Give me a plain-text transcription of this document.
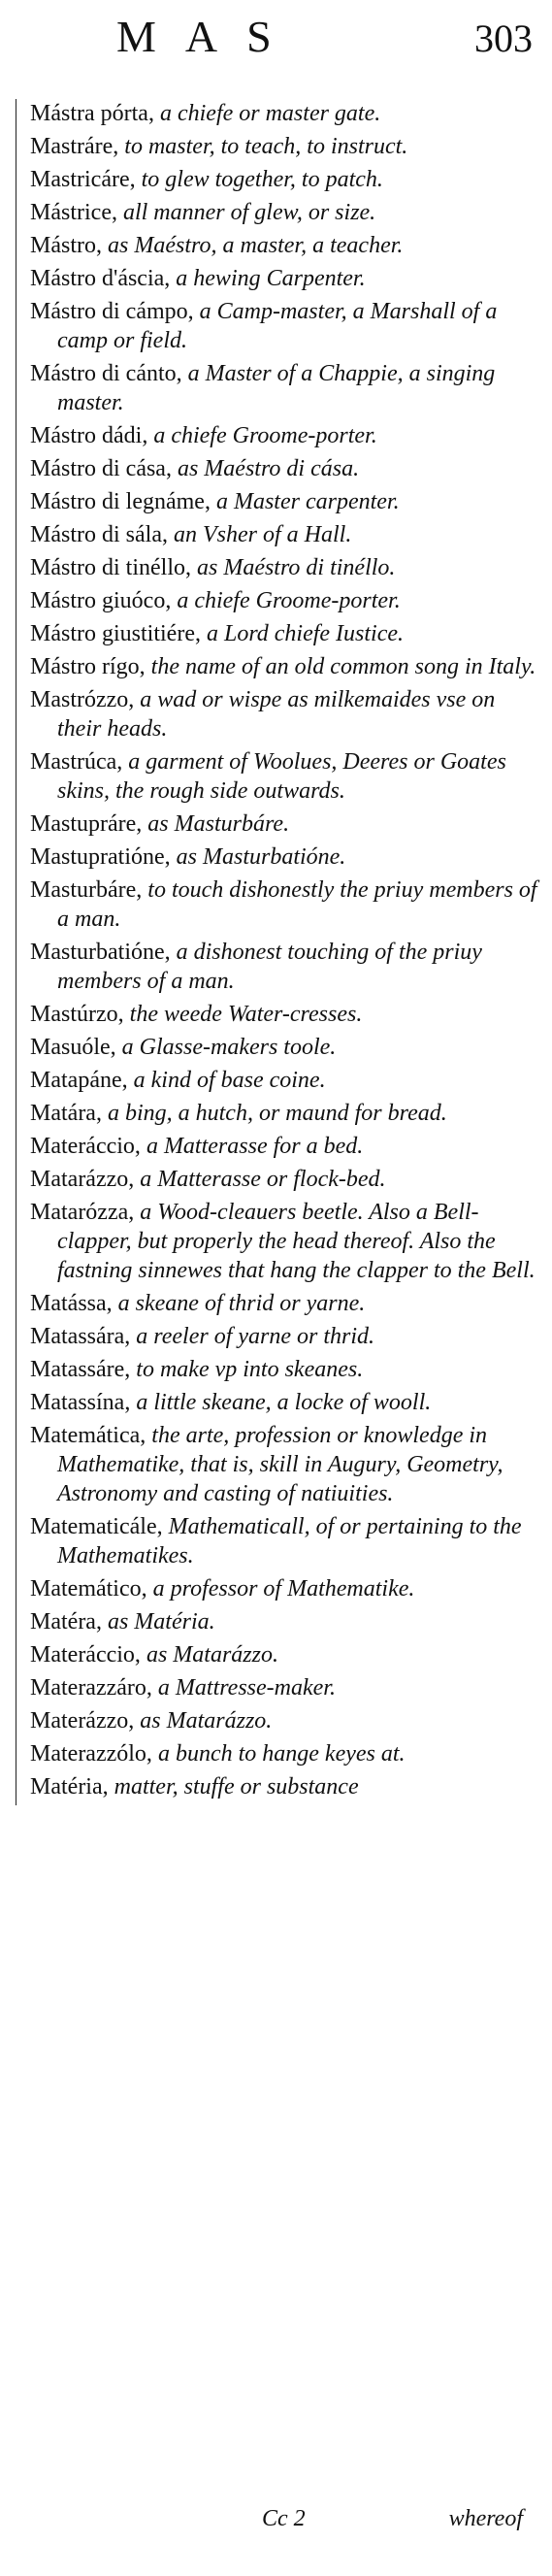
MAS	303
Mástra pórta, a chiefe or master gate.
Mastráre, to master, to teach, to instruct.
Mastricáre, to glew together, to patch.
Mástrice, all manner of glew, or size.
Mástro, as Maéstro, a master, a teacher.
Mástro d'áscia, a hewing Carpenter.
Mástro di cámpo, a Camp-master, a Marshall of a camp or field.
Mástro di cánto, a Master of a Chappie, a singing master.
Mástro dádi, a chiefe Groome-porter.
Mástro di cása, as Maéstro di cása.
Mástro di legnáme, a Master carpenter.
Mástro di sála, an Vsher of a Hall.
Mástro di tinéllo, as Maéstro di tinéllo.
Mástro giuóco, a chiefe Groome-porter.
Mástro giustitiére, a Lord chiefe Iustice.
Mástro rígo, the name of an old common song in Italy.
Mastrózzo, a wad or wispe as milkemaides vse on their heads.
Mastrúca, a garment of Woolues, Deeres or Goates skins, the rough side outwards.
Mastupráre, as Masturbáre.
Mastupratióne, as Masturbatióne.
Masturbáre, to touch dishonestly the priuy members of a man.
Masturbatióne, a dishonest touching of the priuy members of a man.
Mastúrzo, the weede Water-cresses.
Masuóle, a Glasse-makers toole.
Matapáne, a kind of base coine.
Matára, a bing, a hutch, or maund for bread.
Materáccio, a Matterasse for a bed.
Matarázzo, a Matterasse or flock-bed.
Matarózza, a Wood-cleauers beetle. Also a Bell-clapper, but properly the head thereof. Also the fastning sinnewes that hang the clapper to the Bell.
Matássa, a skeane of thrid or yarne.
Matassára, a reeler of yarne or thrid.
Matassáre, to make vp into skeanes.
Matassína, a little skeane, a locke of wooll.
Matemática, the arte, profession or knowledge in Mathematike, that is, skill in Augury, Geometry, Astronomy and casting of natiuities.
Matematicále, Mathematicall, of or pertaining to the Mathematikes.
Matemático, a professor of Mathematike.
Matéra, as Matéria.
Materáccio, as Matarázzo.
Materazzáro, a Mattresse-maker.
Materázzo, as Matarázzo.
Materazzólo, a bunch to hange keyes at.
Matéria, matter, stuffe or substance
Cc 2	whereof
